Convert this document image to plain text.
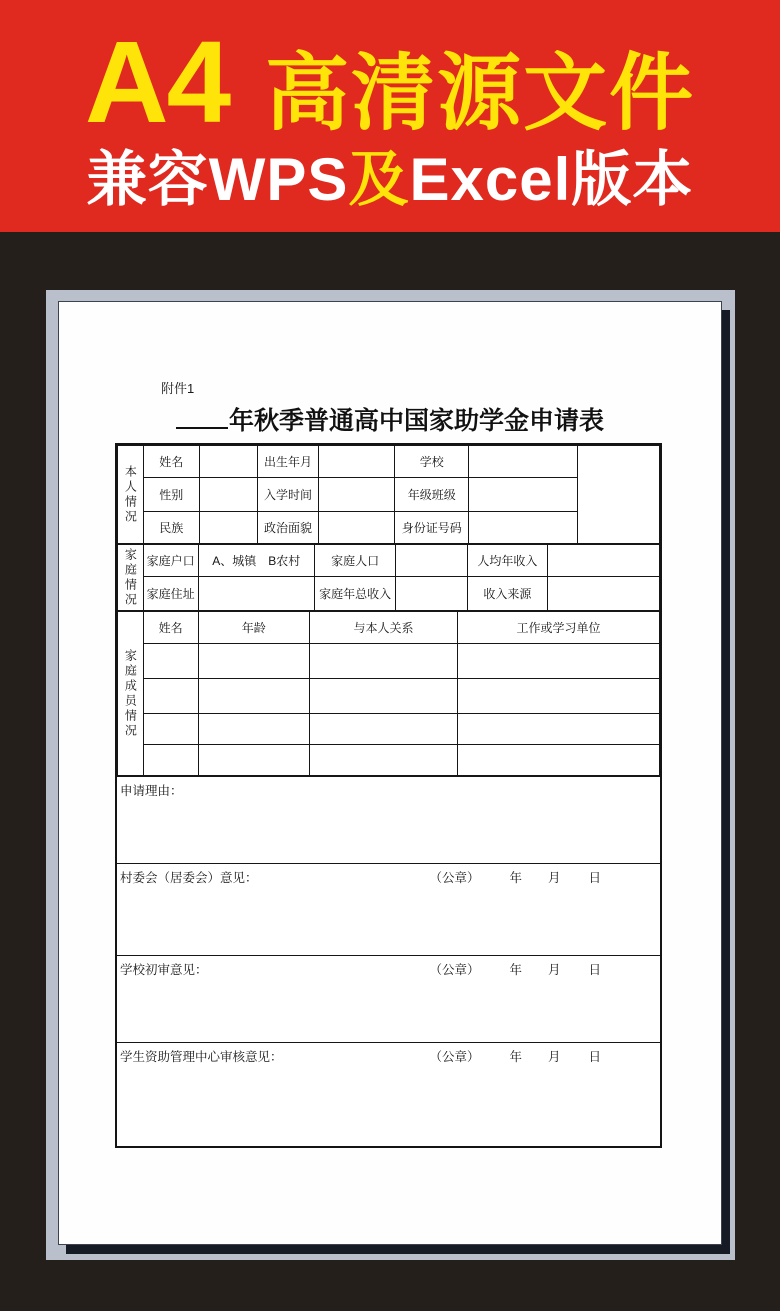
A4 高清源文件
兼容WPS及Excel版本
附件1
年秋季普通高中国家助学金申请表
本人情况	姓名		出生年月		学校		
	性别		入学时间		年级班级		
	民族		政治面貌		身份证号码		
家庭情况	家庭户口	A、城镇　B农村	家庭人口		人均年收入	
	家庭住址		家庭年总收入		收入来源	
家庭成员情况	姓名	年龄	与本人关系	工作或学习单位

申请理由：
村委会（居委会）意见：	（公章） 年 月 日
学校初审意见：	（公章） 年 月 日
学生资助管理中心审核意见：	（公章） 年 月 日
